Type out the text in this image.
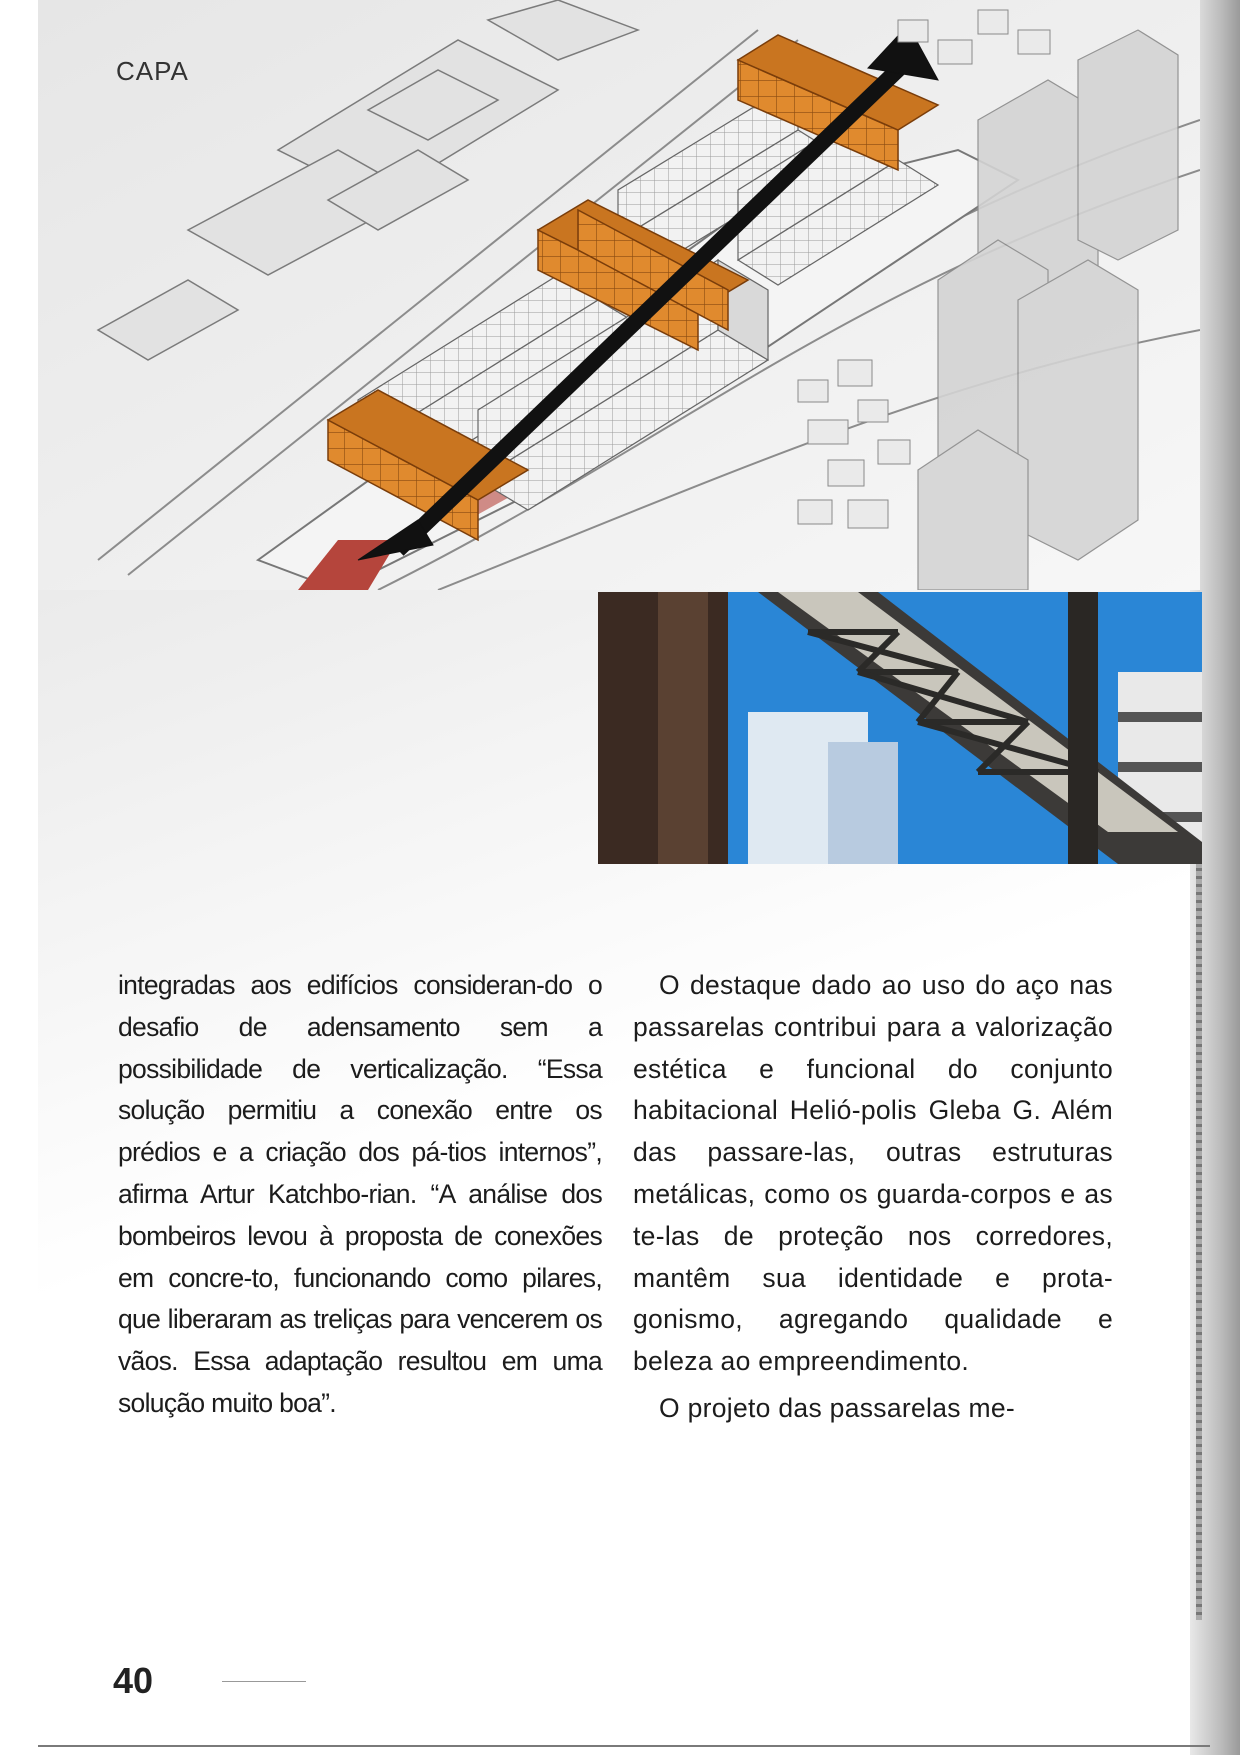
CAPA

integradas aos edifícios consideran-do o desafio de adensamento sem a possibilidade de verticalização. “Essa solução permitiu a conexão entre os prédios e a criação dos pá-tios internos”, afirma Artur Katchbo-rian. “A análise dos bombeiros levou à proposta de conexões em concre-to, funcionando como pilares, que liberaram as treliças para vencerem os vãos. Essa adaptação resultou em uma solução muito boa”.

O destaque dado ao uso do aço nas passarelas contribui para a valorização estética e funcional do conjunto habitacional Helió-polis Gleba G. Além das passare-las, outras estruturas metálicas, como os guarda-corpos e as te-las de proteção nos corredores, mantêm sua identidade e prota-gonismo, agregando qualidade e beleza ao empreendimento.

O projeto das passarelas me-

40
